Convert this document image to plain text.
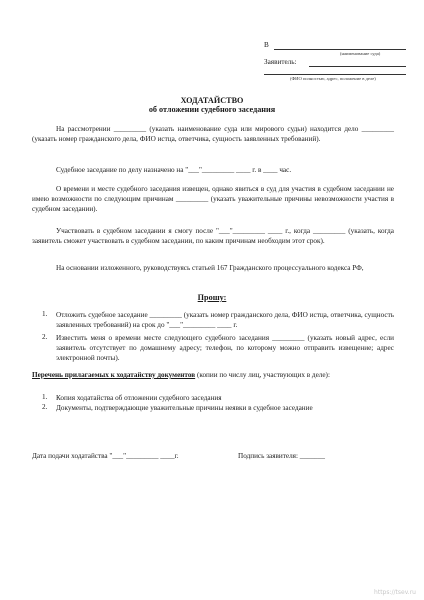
В
(наименование суда)
Заявитель:
(ФИО полностью, адрес, положение в деле)
ХОДАТАЙСТВО
об отложении судебного заседания
На рассмотрении _________ (указать наименование суда или мирового судьи) находится дело _________ (указать номер гражданского дела, ФИО истца, ответчика, сущность заявленных требований).
Судебное заседание по делу назначено на "___"_________ ____ г. в ____ час.
О времени и месте судебного заседания извещен, однако явиться в суд для участия в судебном заседании не имею возможности по следующим причинам _________ (указать уважительные причины невозможности участия в судебном заседании).
Участвовать в судебном заседании я смогу после "___"_________ ____ г., когда _________ (указать, когда заявитель сможет участвовать в судебном заседании, по каким причинам необходим этот срок).
На основании изложенного, руководствуясь статьей 167 Гражданского процессуального кодекса РФ,
Прошу:
1. Отложить судебное заседание _________ (указать номер гражданского дела, ФИО истца, ответчика, сущность заявленных требований) на срок до "___"_________ ____ г.
2. Известить меня о времени месте следующего судебного заседания _________ (указать новый адрес, если заявитель отсутствует по домашнему адресу; телефон, по которому можно отправить извещение; адрес электронной почты).
Перечень прилагаемых к ходатайству документов (копии по числу лиц, участвующих в деле):
1. Копия ходатайства об отложении судебного заседания
2. Документы, подтверждающие уважительные причины неявки в судебное заседание
Дата подачи ходатайства "___"_________ ____г.	Подпись заявителя: _______
https://tsev.ru
